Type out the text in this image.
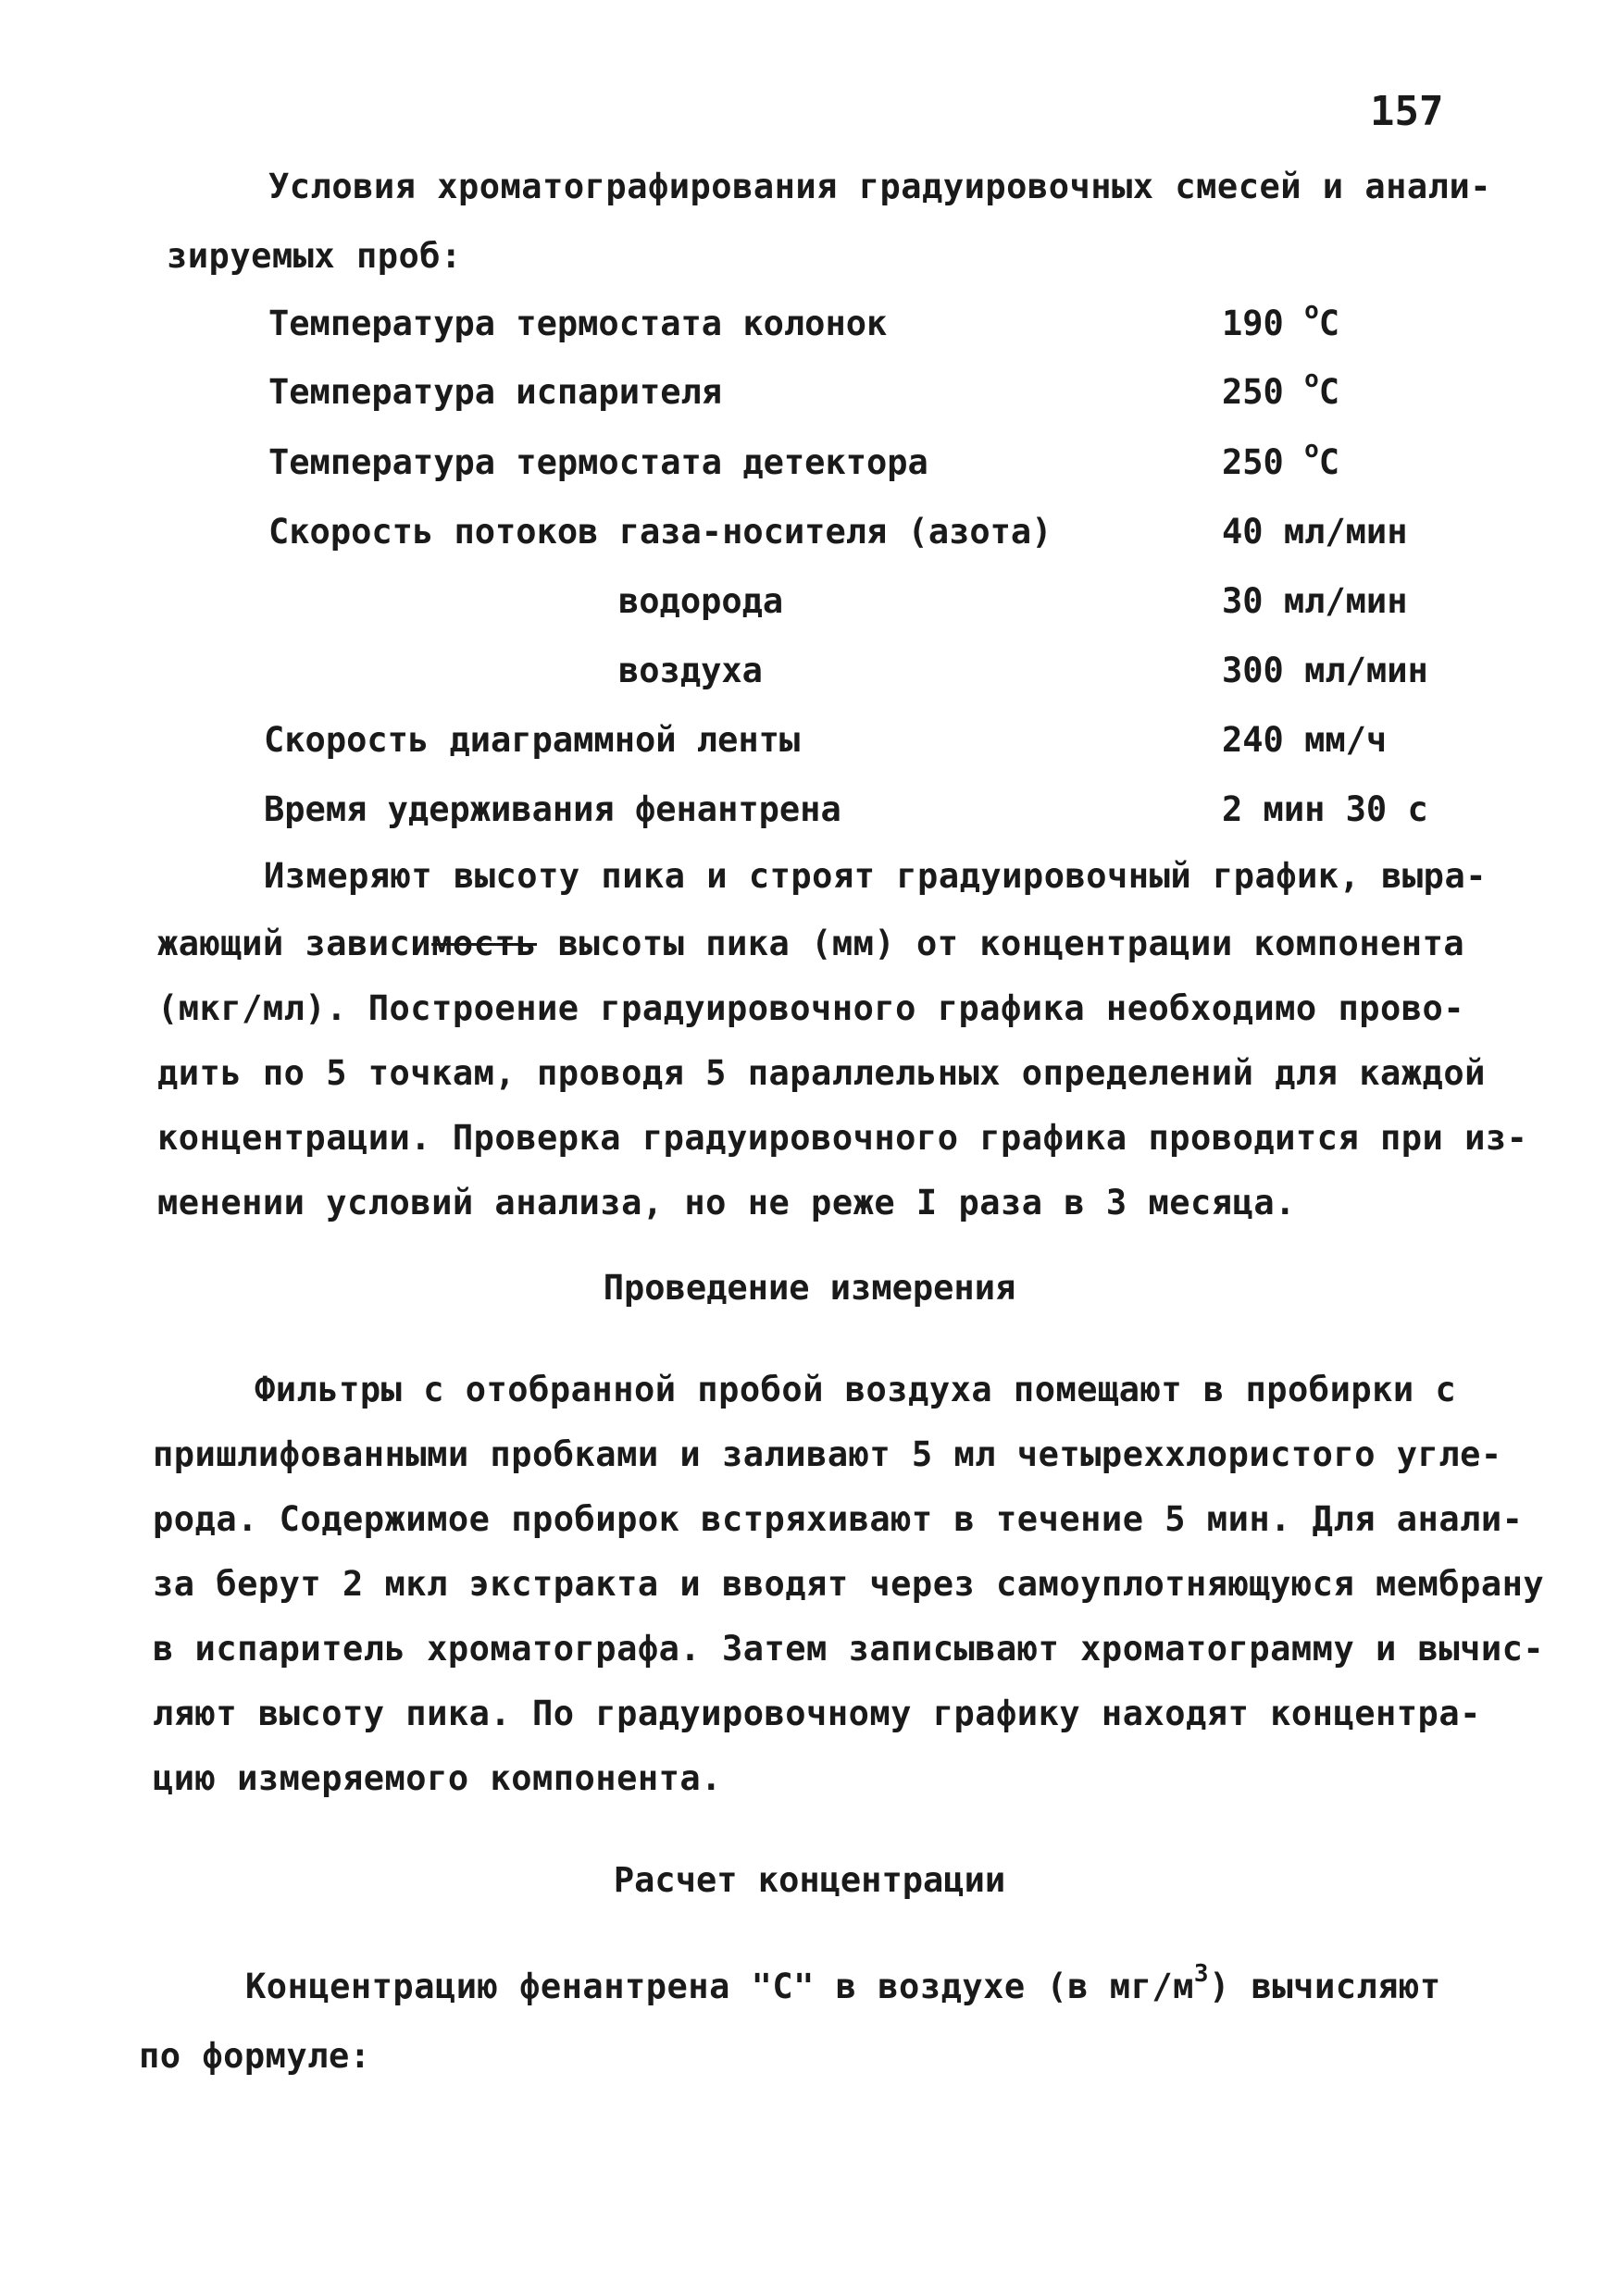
157
Условия хроматографирования градуировочных смесей и анали-
зируемых проб:
Температура термостата колонок	190 $^o$C
Температура испарителя	250 $^o$C
Температура термостата детектора	250 $^o$C
Скорость потоков газа-носителя (азота)	40 мл/мин
водорода	30 мл/мин
воздуха	300 мл/мин
Скорость диаграммной ленты	240 мм/ч
Время удерживания фенантрена	2 мин 30 с
Измеряют высоту пика и строят градуировочный график, выра-
жающий зависимость высоты пика (мм) от концентрации компонента
(мкг/мл). Построение градуировочного графика необходимо прово-
дить по 5 точкам, проводя 5 параллельных определений для каждой
концентрации. Проверка градуировочного графика проводится при из-
менении условий анализа, но не реже I раза в 3 месяца.
Проведение измерения
Фильтры с отобранной пробой воздуха помещают в пробирки с
пришлифованными пробками и заливают 5 мл четыреххлористого угле-
рода. Содержимое пробирок встряхивают в течение 5 мин. Для анали-
за берут 2 мкл экстракта и вводят через самоуплотняющуюся мембрану
в испаритель хроматографа. Затем записывают хроматограмму и вычис-
ляют высоту пика. По градуировочному графику находят концентра-
цию измеряемого компонента.
Расчет концентрации
Концентрацию фенантрена "С" в воздухе (в $мг/м^3$) вычисляют
по формуле:
